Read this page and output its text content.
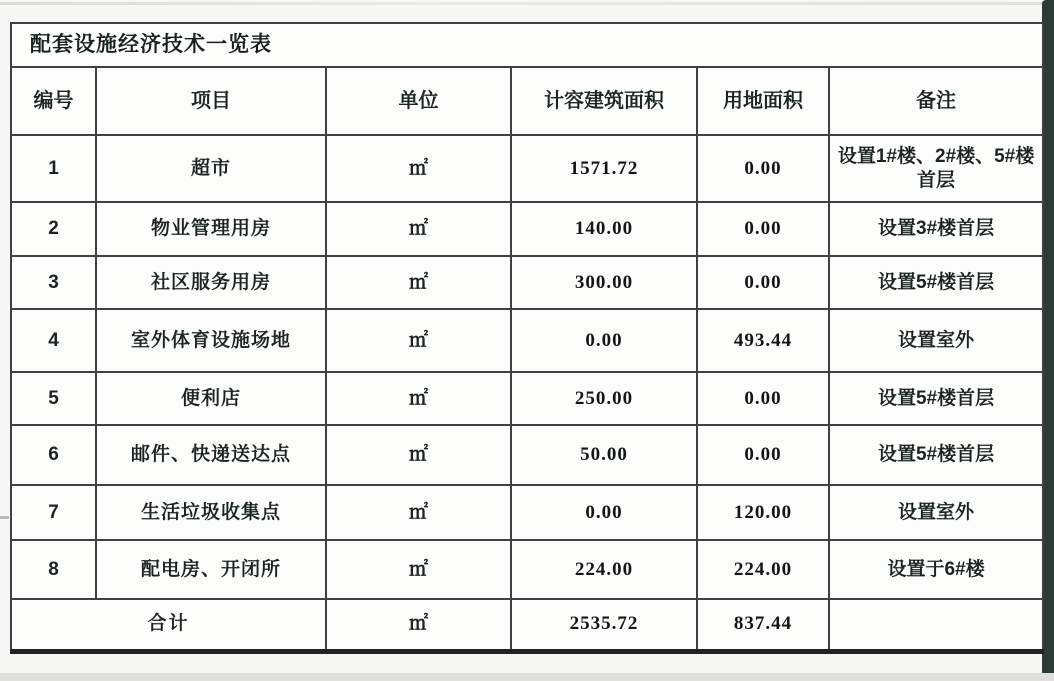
配套设施经济技术一览表					
编号	项目	单位	计容建筑面积	用地面积	备注
1	超市	㎡	1571.72	0.00	设置1#楼、2#楼、5#楼首层
2	物业管理用房	㎡	140.00	0.00	设置3#楼首层
3	社区服务用房	㎡	300.00	0.00	设置5#楼首层
4	室外体育设施场地	㎡	0.00	493.44	设置室外
5	便利店	㎡	250.00	0.00	设置5#楼首层
6	邮件、快递送达点	㎡	50.00	0.00	设置5#楼首层
7	生活垃圾收集点	㎡	0.00	120.00	设置室外
8	配电房、开闭所	㎡	224.00	224.00	设置于6#楼
合计		㎡	2535.72	837.44	
